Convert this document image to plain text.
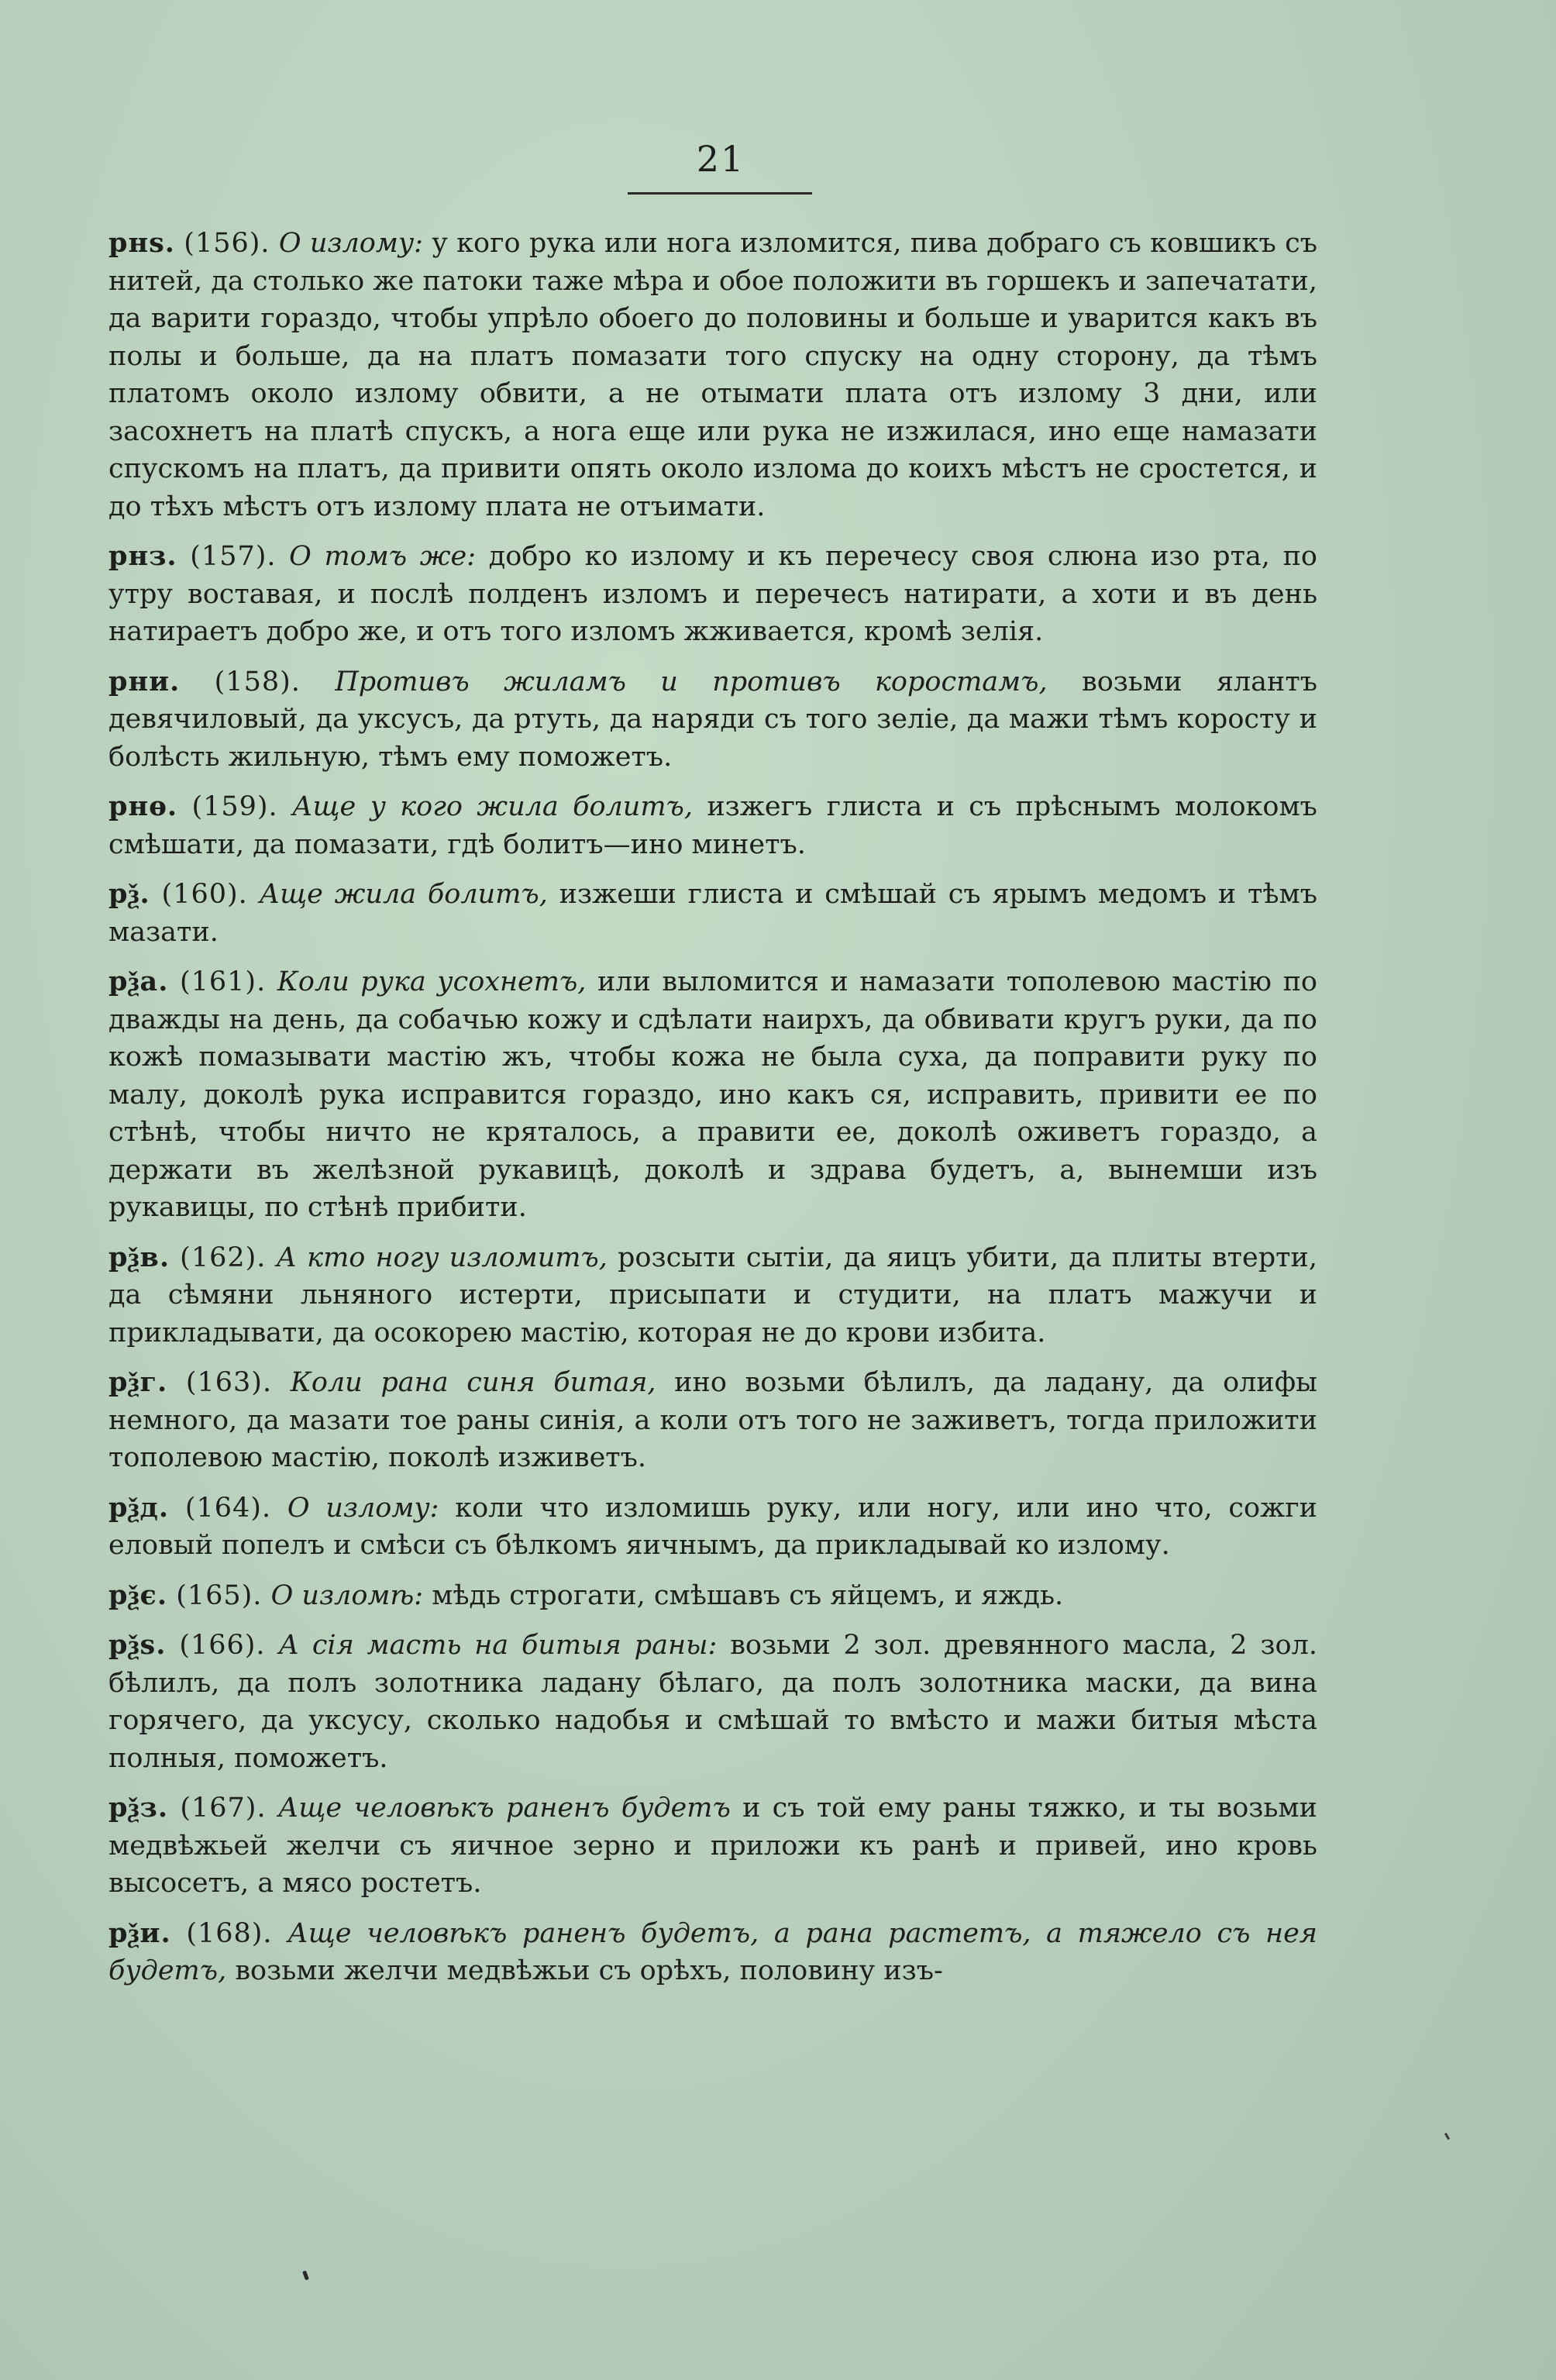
21

рнѕ. (156). О излому: у кого рука или нога изломится, пива добраго съ ковшикъ съ нитей, да столько же патоки таже мѣра и обое положити въ горшекъ и запечатати, да варити гораздо, чтобы упрѣло обоего до половины и больше и уварится какъ въ полы и больше, да на платъ помазати того спуску на одну сторону, да тѣмъ платомъ около излому обвити, а не отымати плата отъ излому 3 дни, или засохнетъ на платѣ спускъ, а нога еще или рука не изжилася, ино еще намазати спускомъ на платъ, да привити опять около излома до коихъ мѣстъ не сростется, и до тѣхъ мѣстъ отъ излому плата не отъимати.

рнз. (157). О томъ же: добро ко излому и къ перечесу своя слюна изо рта, по утру воставая, и послѣ полденъ изломъ и перечесъ натирати, а хоти и въ день натираетъ добро же, и отъ того изломъ жживается, кромѣ зелія.

рни. (158). Противъ жиламъ и противъ коростамъ, возьми ялантъ девячиловый, да уксусъ, да ртуть, да наряди съ того зеліе, да мажи тѣмъ коросту и болѣсть жильную, тѣмъ ему поможетъ.

рнѳ. (159). Аще у кого жила болитъ, изжегъ глиста и съ прѣснымъ молокомъ смѣшати, да помазати, гдѣ болитъ—ино минетъ.

рѯ. (160). Аще жила болитъ, изжеши глиста и смѣшай съ ярымъ медомъ и тѣмъ мазати.

рѯа. (161). Коли рука усохнетъ, или выломится и намазати тополевою мастію по дважды на день, да собачью кожу и сдѣлати наирхъ, да обвивати кругъ руки, да по кожѣ помазывати мастію жъ, чтобы кожа не была суха, да поправити руку по малу, доколѣ рука исправится гораздо, ино какъ ся, исправить, привити ее по стѣнѣ, чтобы ничто не кряталось, а правити ее, доколѣ оживетъ гораздо, а держати въ желѣзной рукавицѣ, доколѣ и здрава будетъ, а, вынемши изъ рукавицы, по стѣнѣ прибити.

рѯв. (162). А кто ногу изломитъ, розсыти сытіи, да яицъ убити, да плиты втерти, да сѣмяни льняного истерти, присыпати и студити, на платъ мажучи и прикладывати, да осокорею мастію, которая не до крови избита.

рѯг. (163). Коли рана синя битая, ино возьми бѣлилъ, да ладану, да олифы немного, да мазати тое раны синія, а коли отъ того не заживетъ, тогда приложити тополевою мастію, поколѣ изживетъ.

рѯд. (164). О излому: коли что изломишь руку, или ногу, или ино что, сожги еловый попелъ и смѣси съ бѣлкомъ яичнымъ, да прикладывай ко излому.

рѯє. (165). О изломѣ: мѣдь строгати, смѣшавъ съ яйцемъ, и яждь.

рѯѕ. (166). А сія масть на битыя раны: возьми 2 зол. древянного масла, 2 зол. бѣлилъ, да полъ золотника ладану бѣлаго, да полъ золотника маски, да вина горячего, да уксусу, сколько надобья и смѣшай то вмѣсто и мажи битыя мѣста полныя, поможетъ.

рѯз. (167). Аще человѣкъ раненъ будетъ и съ той ему раны тяжко, и ты возьми медвѣжьей желчи съ яичное зерно и приложи къ ранѣ и привей, ино кровь высосетъ, а мясо ростетъ.

рѯи. (168). Аще человѣкъ раненъ будетъ, а рана растетъ, а тяжело съ нея будетъ, возьми желчи медвѣжьи съ орѣхъ, половину изъ-
